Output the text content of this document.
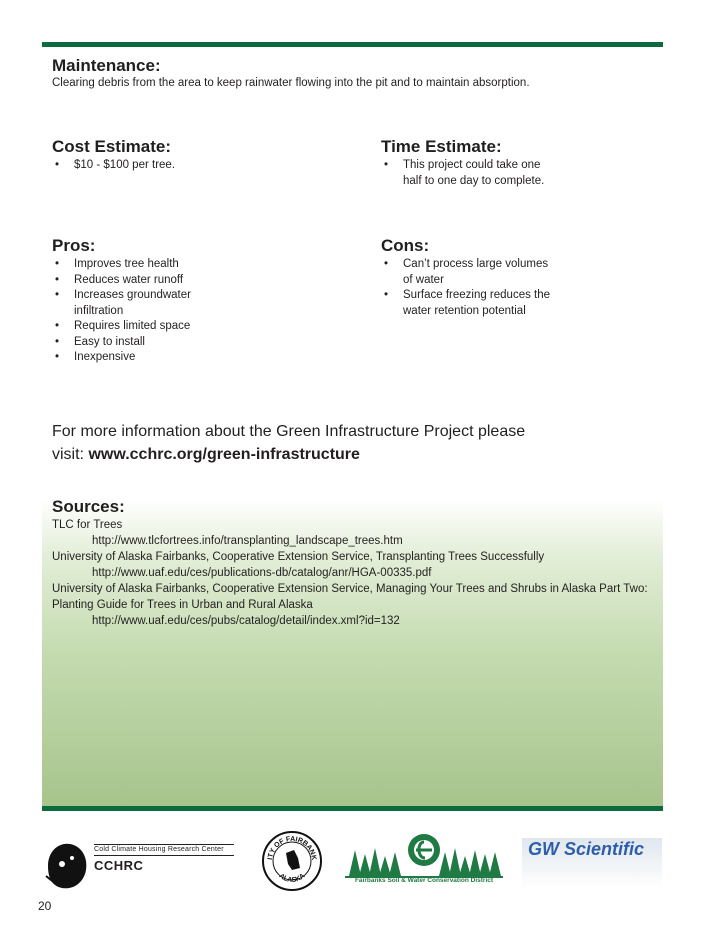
Maintenance:
Clearing debris from the area to keep rainwater flowing into the pit and to maintain absorption.
Cost Estimate:
• $10 - $100 per tree.
Time Estimate:
• This project could take one
half to one day to complete.
Pros:
• Improves tree health
• Reduces water runoff
• Increases groundwater
infiltration
• Requires limited space
• Easy to install
• Inexpensive
Cons:
• Can’t process large volumes
of water
• Surface freezing reduces the
water retention potential
For more information about the Green Infrastructure Project please
visit: www.cchrc.org/green-infrastructure
Sources:
TLC for Trees
http://www.tlcfortrees.info/transplanting_landscape_trees.htm
University of Alaska Fairbanks, Cooperative Extension Service, Transplanting Trees Successfully
http://www.uaf.edu/ces/publications-db/catalog/anr/HGA-00335.pdf
University of Alaska Fairbanks, Cooperative Extension Service, Managing Your Trees and Shrubs in Alaska Part Two:
Planting Guide for Trees in Urban and Rural Alaska
http://www.uaf.edu/ces/pubs/catalog/detail/index.xml?id=132
Cold Climate Housing Research Center
CCHRC	ITY OF FAIRBANK
ALASKA	Fairbanks Soil & Water Conservation District
GW Scientific
20
